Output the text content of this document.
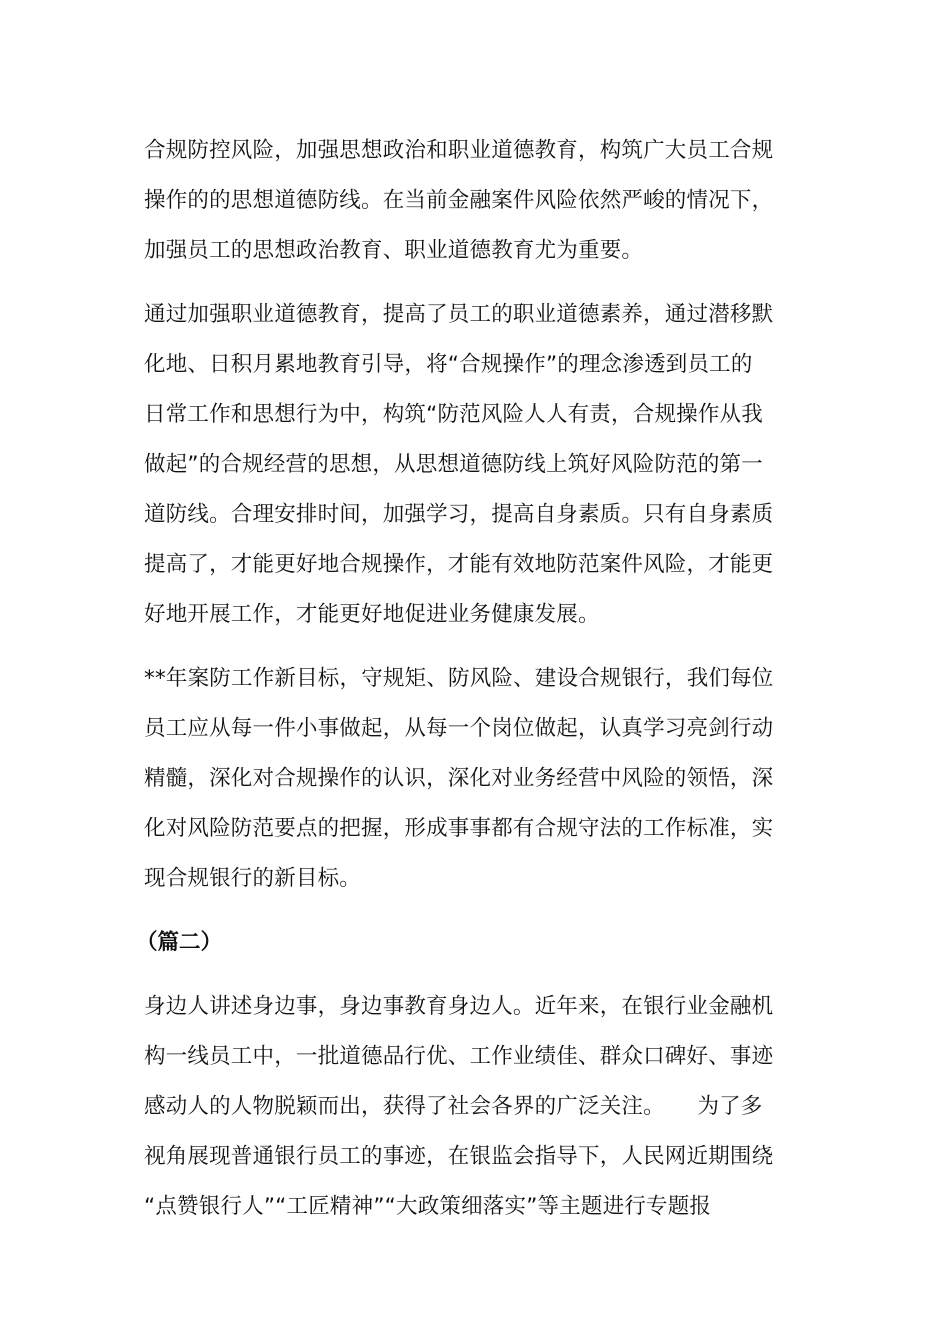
合规防控风险，加强思想政治和职业道德教育，构筑广大员工合规
操作的的思想道德防线。在当前金融案件风险依然严峻的情况下，
加强员工的思想政治教育、职业道德教育尤为重要。
通过加强职业道德教育，提高了员工的职业道德素养，通过潜移默
化地、日积月累地教育引导，将“合规操作”的理念渗透到员工的
日常工作和思想行为中，构筑“防范风险人人有责，合规操作从我
做起”的合规经营的思想，从思想道德防线上筑好风险防范的第一
道防线。合理安排时间，加强学习，提高自身素质。只有自身素质
提高了，才能更好地合规操作，才能有效地防范案件风险，才能更
好地开展工作，才能更好地促进业务健康发展。
**年案防工作新目标，守规矩、防风险、建设合规银行，我们每位
员工应从每一件小事做起，从每一个岗位做起，认真学习亮剑行动
精髓，深化对合规操作的认识，深化对业务经营中风险的领悟，深
化对风险防范要点的把握，形成事事都有合规守法的工作标准，实
现合规银行的新目标。
（篇二）
身边人讲述身边事，身边事教育身边人。近年来，在银行业金融机
构一线员工中，一批道德品行优、工作业绩佳、群众口碑好、事迹
感动人的人物脱颖而出，获得了社会各界的广泛关注。　　为了多
视角展现普通银行员工的事迹，在银监会指导下，人民网近期围绕
“点赞银行人”“工匠精神”“大政策细落实”等主题进行专题报
